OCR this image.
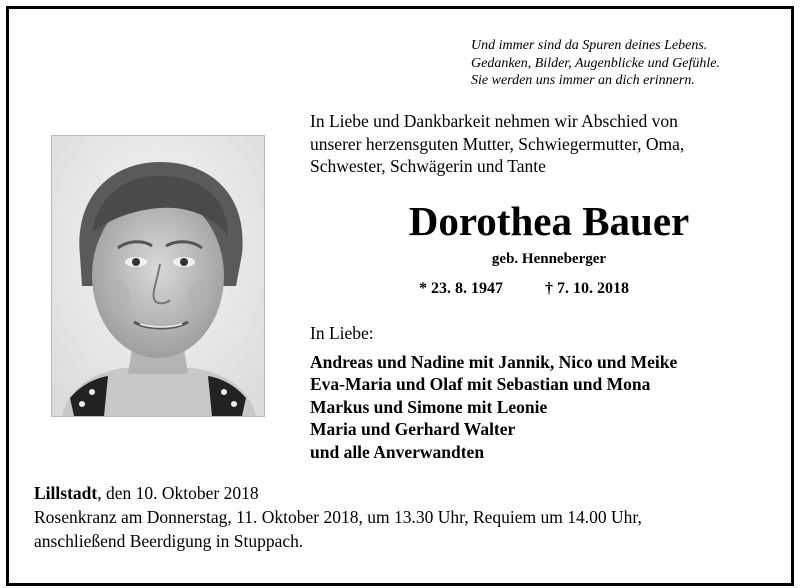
Und immer sind da Spuren deines Lebens.
Gedanken, Bilder, Augenblicke und Gefühle.
Sie werden uns immer an dich erinnern.
In Liebe und Dankbarkeit nehmen wir Abschied von
unserer herzensguten Mutter, Schwiegermutter, Oma,
Schwester, Schwägerin und Tante
Dorothea Bauer
geb. Henneberger
* 23. 8. 1947	† 7. 10. 2018
In Liebe:
Andreas und Nadine mit Jannik, Nico und Meike
Eva-Maria und Olaf mit Sebastian und Mona
Markus und Simone mit Leonie
Maria und Gerhard Walter
und alle Anverwandten
Lillstadt, den 10. Oktober 2018
Rosenkranz am Donnerstag, 11. Oktober 2018, um 13.30 Uhr, Requiem um 14.00 Uhr,
anschließend Beerdigung in Stuppach.
